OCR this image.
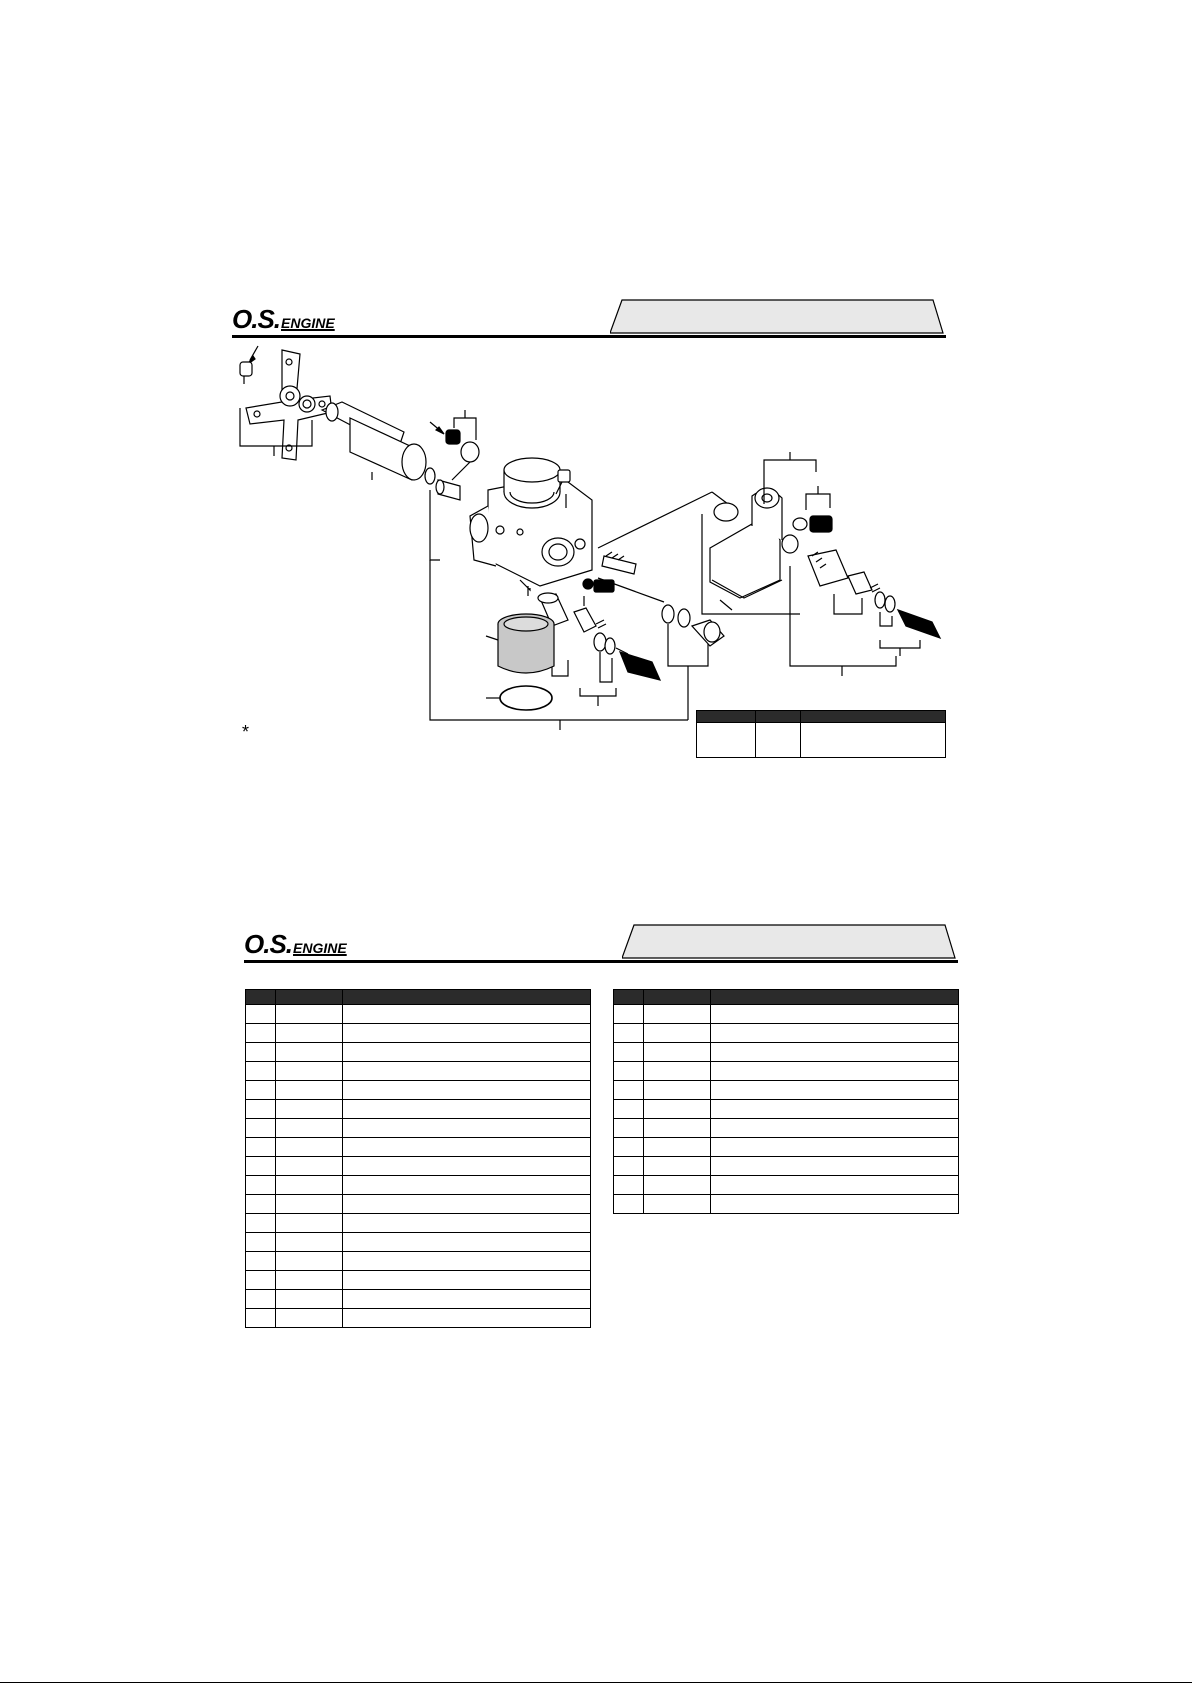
O.S.ENGINE
*

O.S.ENGINE
